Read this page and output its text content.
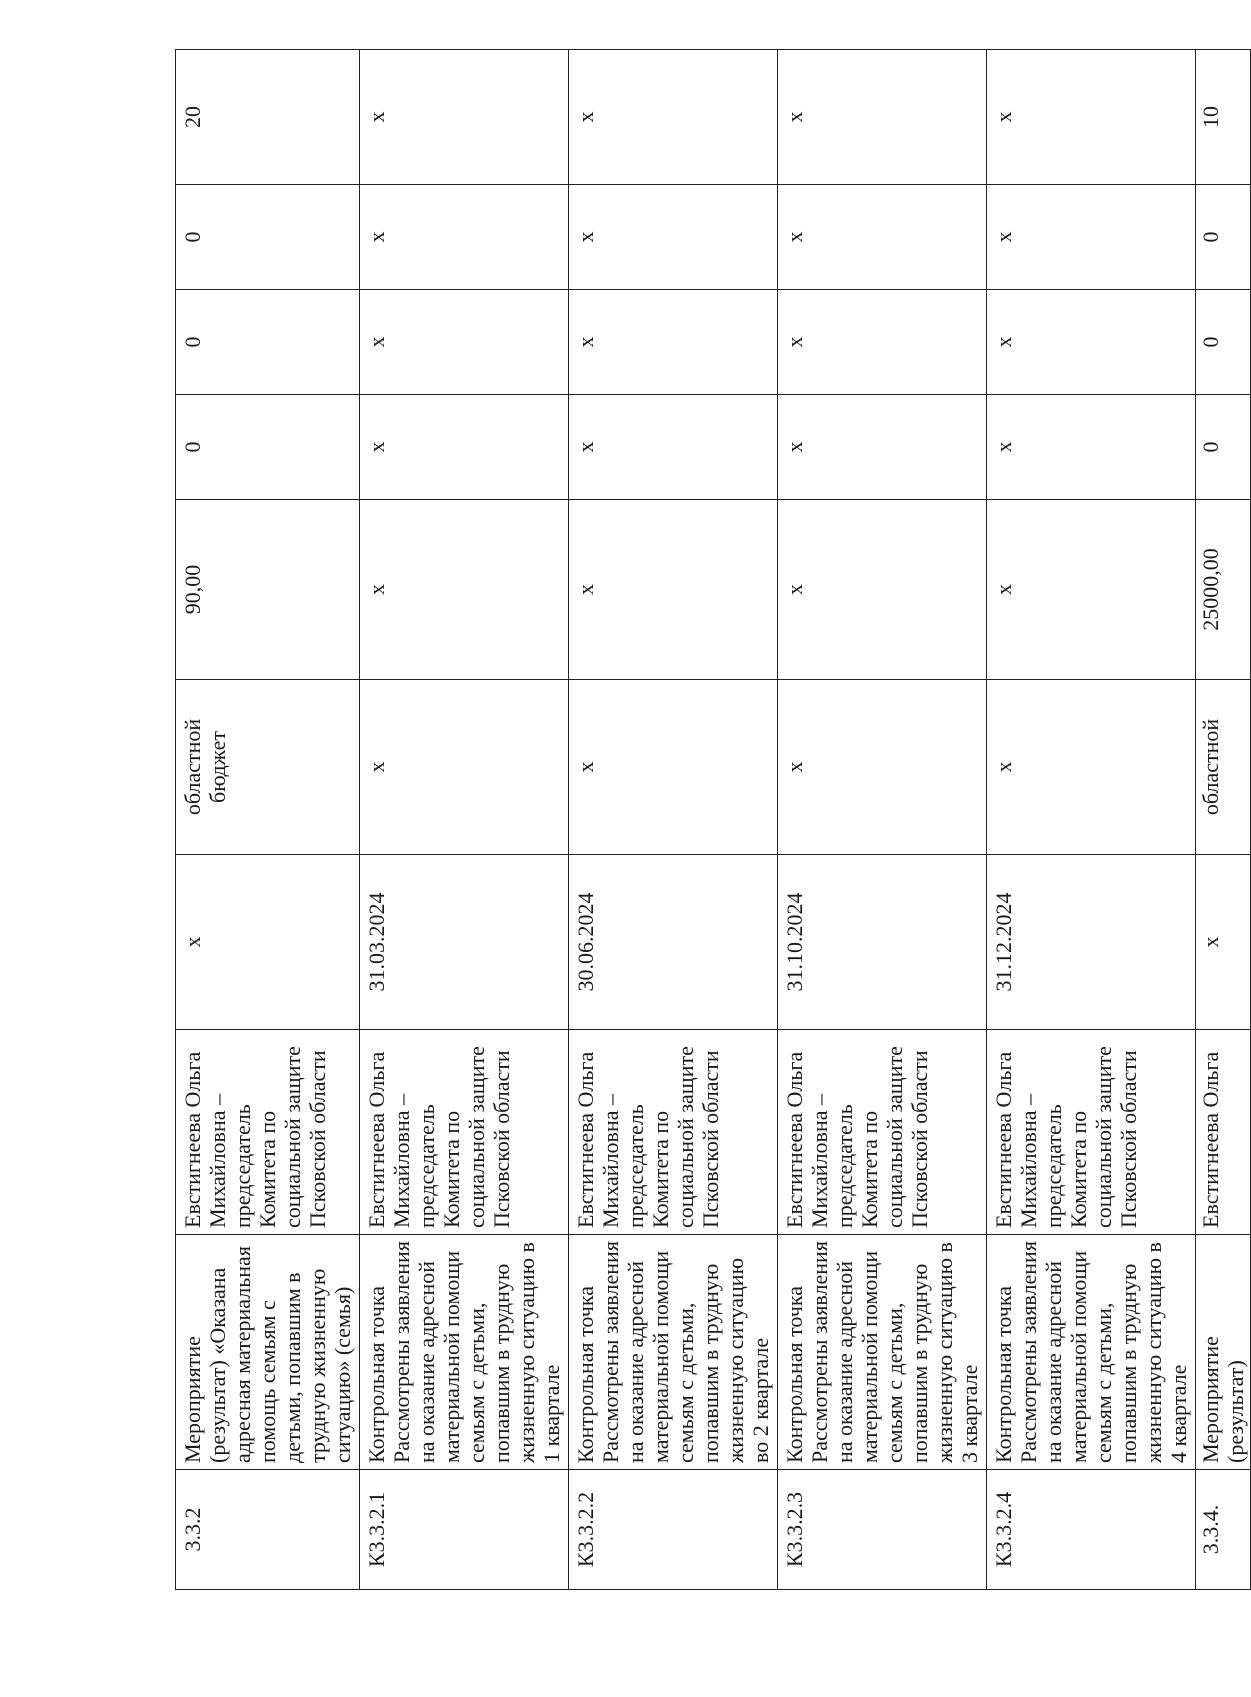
3.3.2	Мероприятие (результат) «Оказана адресная материальная помощь семьям с детьми, попавшим в трудную жизненную ситуацию» (семья)	Евстигнеева Ольга Михайловна – председатель Комитета по социальной защите Псковской области	х	областной бюджет	90,00	0	0	0	20
К3.3.2.1	Контрольная точка Рассмотрены заявления на оказание адресной материальной помощи семьям с детьми, попавшим в трудную жизненную ситуацию в 1 квартале	Евстигнеева Ольга Михайловна – председатель Комитета по социальной защите Псковской области	31.03.2024	х	х	х	х	х	х
К3.3.2.2	Контрольная точка Рассмотрены заявления на оказание адресной материальной помощи семьям с детьми, попавшим в трудную жизненную ситуацию во 2 квартале	Евстигнеева Ольга Михайловна – председатель Комитета по социальной защите Псковской области	30.06.2024	х	х	х	х	х	х
К3.3.2.3	Контрольная точка Рассмотрены заявления на оказание адресной материальной помощи семьям с детьми, попавшим в трудную жизненную ситуацию в 3 квартале	Евстигнеева Ольга Михайловна – председатель Комитета по социальной защите Псковской области	31.10.2024	х	х	х	х	х	х
К3.3.2.4	Контрольная точка Рассмотрены заявления на оказание адресной материальной помощи семьям с детьми, попавшим в трудную жизненную ситуацию в 4 квартале	Евстигнеева Ольга Михайловна – председатель Комитета по социальной защите Псковской области	31.12.2024	х	х	х	х	х	х
3.3.4.	Мероприятие (результат)	Евстигнеева Ольга	х	областной	25000,00	0	0	0	10
